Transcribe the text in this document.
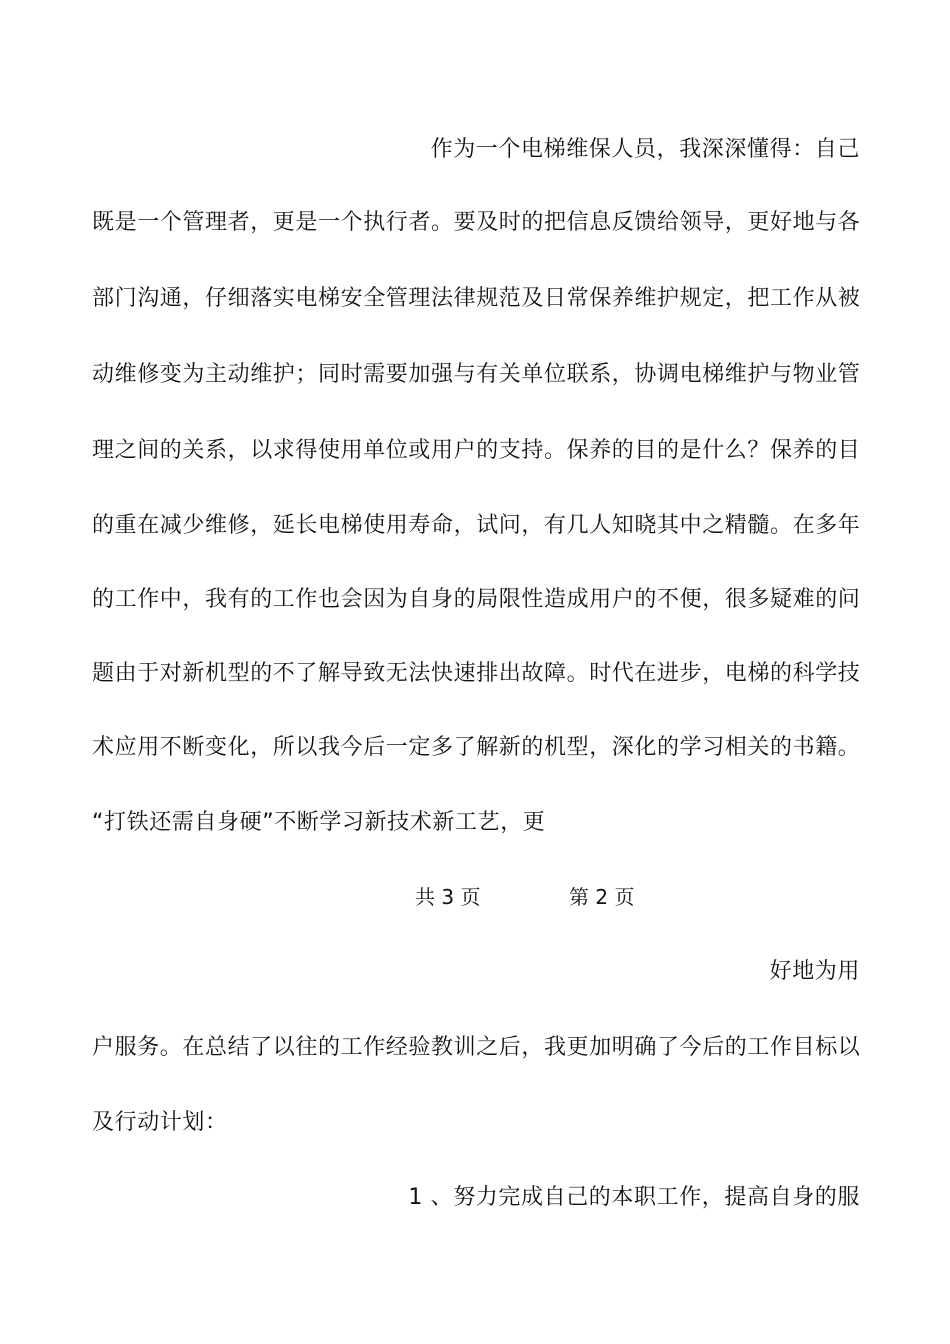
作为一个电梯维保人员，我深深懂得：自己
既是一个管理者，更是一个执行者。要及时的把信息反馈给领导，更好地与各
部门沟通，仔细落实电梯安全管理法律规范及日常保养维护规定，把工作从被
动维修变为主动维护；同时需要加强与有关单位联系，协调电梯维护与物业管
理之间的关系，以求得使用单位或用户的支持。保养的目的是什么？保养的目
的重在减少维修，延长电梯使用寿命，试问，有几人知晓其中之精髓。在多年
的工作中，我有的工作也会因为自身的局限性造成用户的不便，很多疑难的问
题由于对新机型的不了解导致无法快速排出故障。时代在进步，电梯的科学技
术应用不断变化，所以我今后一定多了解新的机型，深化的学习相关的书籍。
“打铁还需自身硬”不断学习新技术新工艺，更
共 3 页	第 2 页
好地为用
户服务。在总结了以往的工作经验教训之后，我更加明确了今后的工作目标以
及行动计划：
1 、努力完成自己的本职工作，提高自身的服
